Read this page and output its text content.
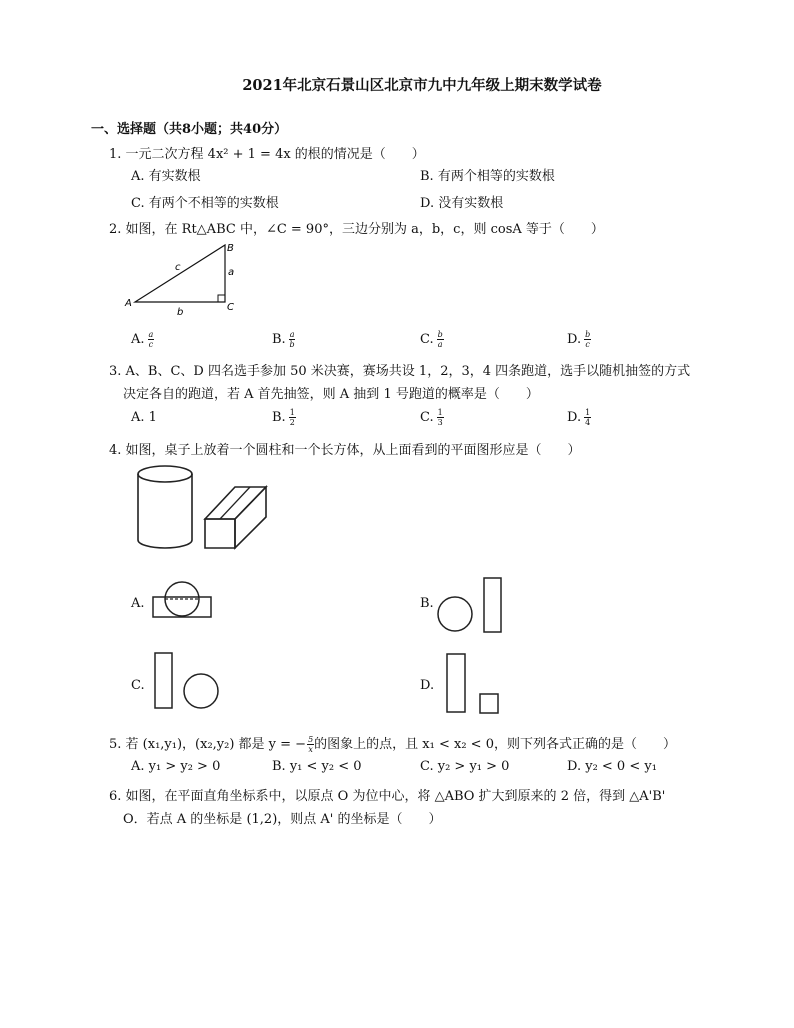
2021年北京石景山区北京市九中九年级上期末数学试卷
一、选择题（共8小题；共40分）
1. 一元二次方程 4x² + 1 = 4x 的根的情况是（　　）
A. 有实数根	B. 有两个相等的实数根
C. 有两个不相等的实数根	D. 没有实数根
2. 如图，在 Rt△ABC 中，∠C = 90°，三边分别为 a，b，c，则 cosA 等于（　　）
A
B
C
a
b
c
A. $\frac{a}{c}$	B. $\frac{a}{b}$	C. $\frac{b}{a}$	D. $\frac{b}{c}$
3. A、B、C、D 四名选手参加 50 米决赛，赛场共设 1，2，3，4 四条跑道，选手以随机抽签的方式
决定各自的跑道，若 A 首先抽签，则 A 抽到 1 号跑道的概率是（　　）
A. 1	B. $\frac{1}{2}$	C. $\frac{1}{3}$	D. $\frac{1}{4}$
4. 如图，桌子上放着一个圆柱和一个长方体，从上面看到的平面图形应是（　　）
A.	B.
C.	D.
5. 若 (x₁,y₁)，(x₂,y₂) 都是 y = − $\frac{5}{x}$ 的图象上的点，且 x₁ < x₂ < 0，则下列各式正确的是（　　）
A. y₁ > y₂ > 0	B. y₁ < y₂ < 0	C. y₂ > y₁ > 0	D. y₂ < 0 < y₁
6. 如图，在平面直角坐标系中，以原点 O 为位中心，将 △ABO 扩大到原来的 2 倍，得到 △A'B'
O．若点 A 的坐标是 (1,2)，则点 A' 的坐标是（　　）
